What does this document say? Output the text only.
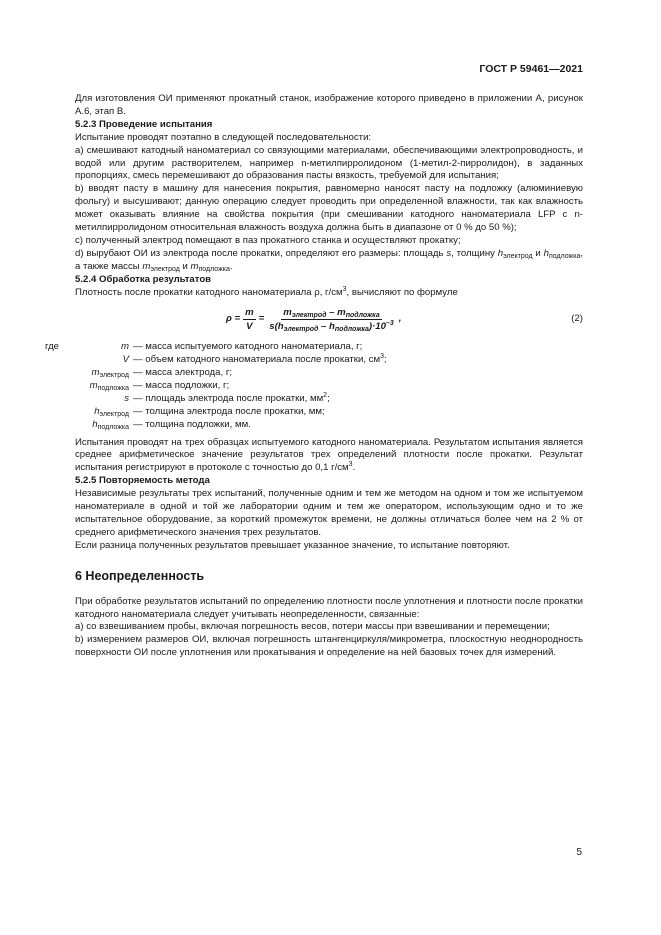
ГОСТ Р 59461—2021

Для изготовления ОИ применяют прокатный станок, изображение которого приведено в приложении А, рисунок А.6, этап В.

5.2.3 Проведение испытания

Испытание проводят поэтапно в следующей последовательности:

а) смешивают катодный наноматериал со связующими материалами, обеспечивающими электропроводность, и водой или другим растворителем, например n-метилпирролидоном (1-метил-2-пирролидон), в заданных пропорциях, смесь перемешивают до образования пасты вязкость, требуемой для испытания;

b) вводят пасту в машину для нанесения покрытия, равномерно наносят пасту на подложку (алюминиевую фольгу) и высушивают; данную операцию следует проводить при определенной влажности, так как влажность может оказывать влияние на свойства покрытия (при смешивании катодного наноматериала LFP с n-метилпирролидоном относительная влажность воздуха должна быть в диапазоне от 0 % до 50 %);

с) полученный электрод помещают в паз прокатного станка и осуществляют прокатку;

d) вырубают ОИ из электрода после прокатки, определяют его размеры: площадь s, толщину $h_{электрод}$ и $h_{подложка}$, а также массы $m_{электрод}$ и $m_{подложка}$.

5.2.4 Обработка результатов

Плотность после прокатки катодного наноматериала ρ, $г/см^3$, вычисляют по формуле

ρ
= $\frac{m}{V} = \frac{m_{электрод} - m_{подложка}}{s(h_{электрод} - h_{подложка})\cdot 10^{-3}}$ ,	(2)
где	m — масса испытуемого катодного наноматериала, г;
V — объем катодного наноматериала после прокатки, $см^3$;
$m_{электрод}$ — масса электрода, г;
$m_{подложка}$ — масса подложки, г;
s — площадь электрода после прокатки, $мм^2$;
$h_{электрод}$ — толщина электрода после прокатки, мм;
$h_{подложка}$ — толщина подложки, мм.

Испытания проводят на трех образцах испытуемого катодного наноматериала. Результатом испытания является среднее арифметическое значение результатов трех определений плотности после прокатки. Результат испытания регистрируют в протоколе с точностью до 0,1 $г/см^3$.

5.2.5 Повторяемость метода

Независимые результаты трех испытаний, полученные одним и тем же методом на одном и том же испытуемом наноматериале в одной и той же лаборатории одним и тем же оператором, использующим одно и то же испытательное оборудование, за короткий промежуток времени, не должны отличаться более чем на 2 % от среднего арифметического значения трех результатов.

Если разница полученных результатов превышает указанное значение, то испытание повторяют.

6 Неопределенность

При обработке результатов испытаний по определению плотности после уплотнения и плотности после прокатки катодного наноматериала следует учитывать неопределенности, связанные:

а) со взвешиванием пробы, включая погрешность весов, потери массы при взвешивании и перемещении;

b) измерением размеров ОИ, включая погрешность штангенциркуля/микрометра, плоскостную неоднородность поверхности ОИ после уплотнения или прокатывания и определение на ней базовых точек для измерений.

5
